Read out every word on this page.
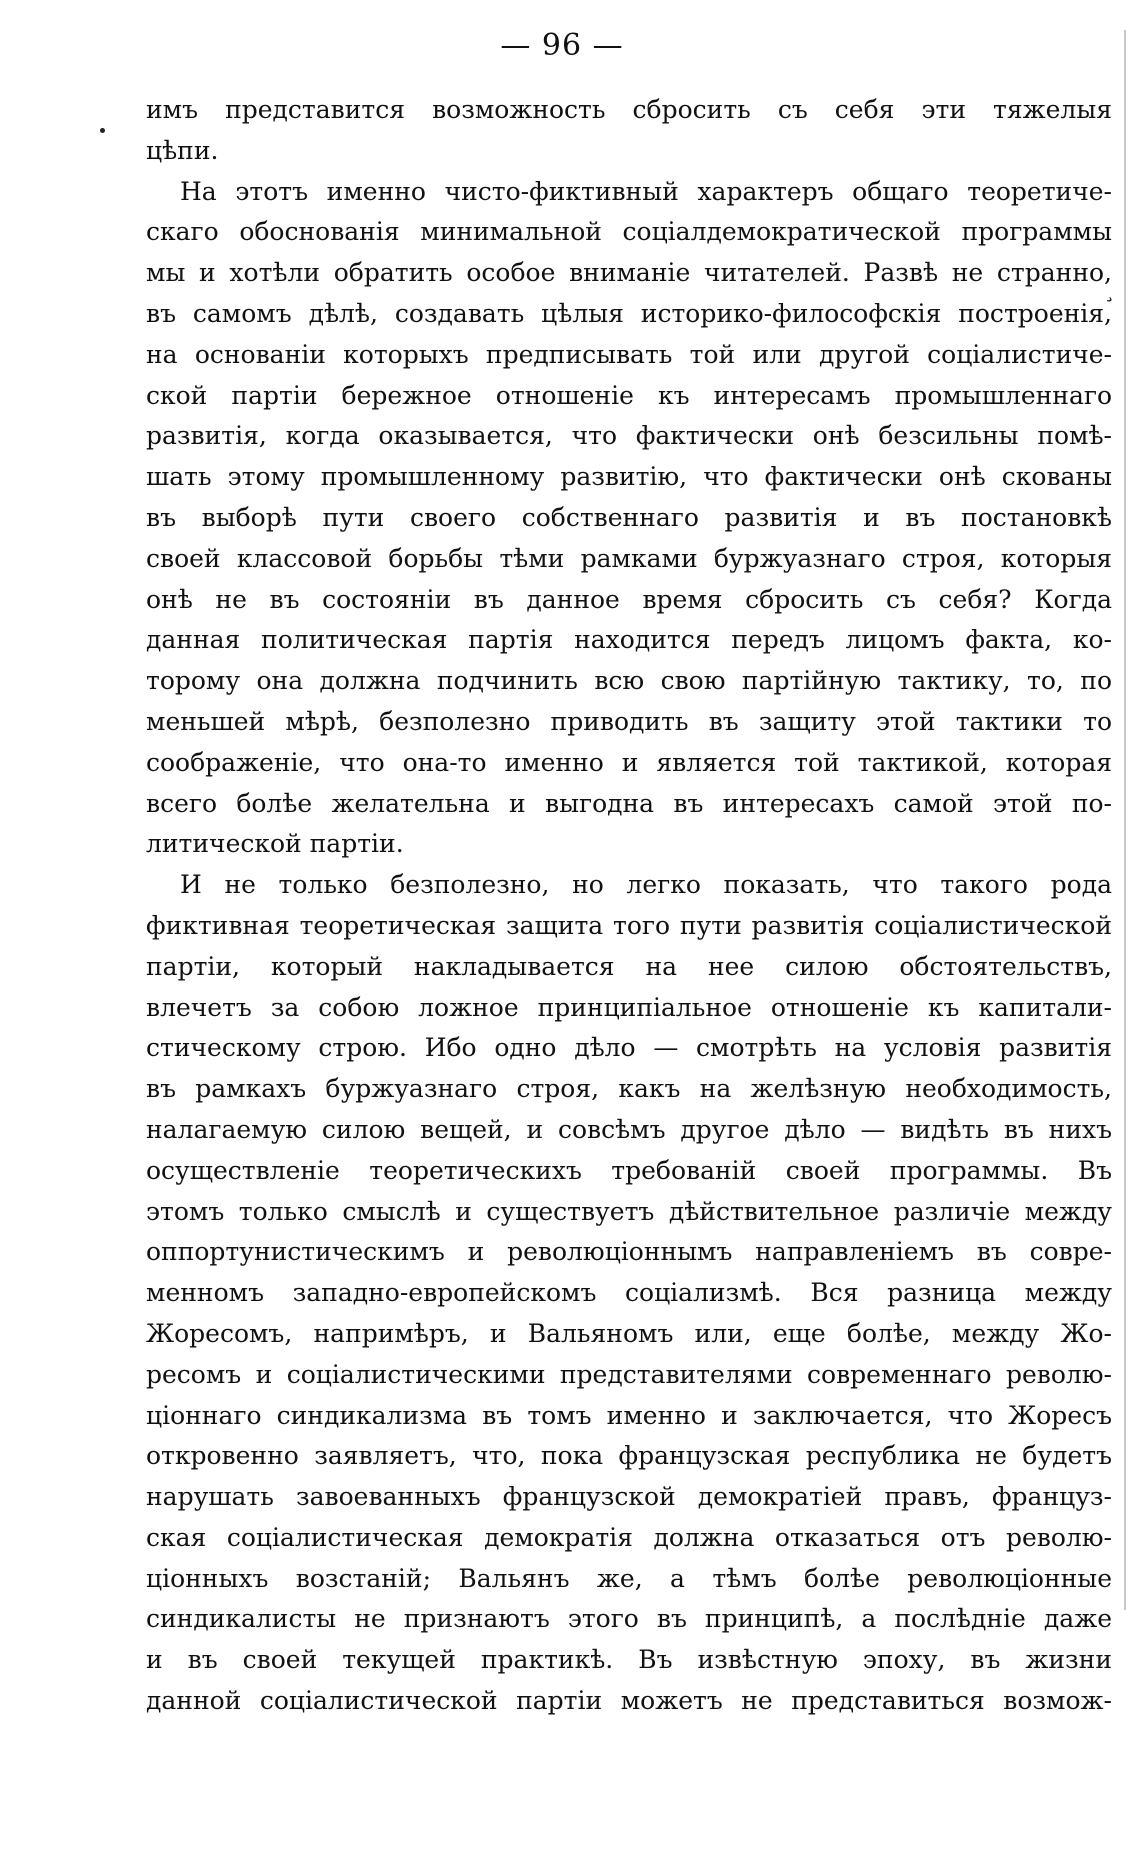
¸
— 96 —
имъ представится возможность сбросить съ себя эти тяжелыя
цѣпи.
На этотъ именно чисто-фиктивный характеръ общаго теоретиче-
скаго обоснованія минимальной соціалдемократической программы
мы и хотѣли обратить особое вниманіе читателей. Развѣ не странно,
въ самомъ дѣлѣ, создавать цѣлыя историко-философскія построенія,
на основаніи которыхъ предписывать той или другой соціалистиче-
ской партіи бережное отношеніе къ интересамъ промышленнаго
развитія, когда оказывается, что фактически онѣ безсильны помѣ-
шать этому промышленному развитію, что фактически онѣ скованы
въ выборѣ пути своего собственнаго развитія и въ постановкѣ
своей классовой борьбы тѣми рамками буржуазнаго строя, которыя
онѣ не въ состояніи въ данное время сбросить съ себя? Когда
данная политическая партія находится передъ лицомъ факта, ко-
торому она должна подчинить всю свою партійную тактику, то, по
меньшей мѣрѣ, безполезно приводить въ защиту этой тактики то
соображеніе, что она-то именно и является той тактикой, которая
всего болѣе желательна и выгодна въ интересахъ самой этой по-
литической партіи.
И не только безполезно, но легко показать, что такого рода
фиктивная теоретическая защита того пути развитія соціалистической
партіи, который накладывается на нее силою обстоятельствъ,
влечетъ за собою ложное принципіальное отношеніе къ капитали-
стическому строю. Ибо одно дѣло — смотрѣть на условія развитія
въ рамкахъ буржуазнаго строя, какъ на желѣзную необходимость,
налагаемую силою вещей, и совсѣмъ другое дѣло — видѣть въ нихъ
осуществленіе теоретическихъ требованій своей программы. Въ
этомъ только смыслѣ и существуетъ дѣйствительное различіе между
оппортунистическимъ и революціоннымъ направленіемъ въ совре-
менномъ западно-европейскомъ соціализмѣ. Вся разница между
Жоресомъ, напримѣръ, и Вальяномъ или, еще болѣе, между Жо-
ресомъ и соціалистическими представителями современнаго револю-
ціоннаго синдикализма въ томъ именно и заключается, что Жоресъ
откровенно заявляетъ, что, пока французская республика не будетъ
нарушать завоеванныхъ французской демократіей правъ, француз-
ская соціалистическая демократія должна отказаться отъ револю-
ціонныхъ возстаній; Вальянъ же, а тѣмъ болѣе революціонные
синдикалисты не признаютъ этого въ принципѣ, а послѣдніе даже
и въ своей текущей практикѣ. Въ извѣстную эпоху, въ жизни
данной соціалистической партіи можетъ не представиться возмож-
